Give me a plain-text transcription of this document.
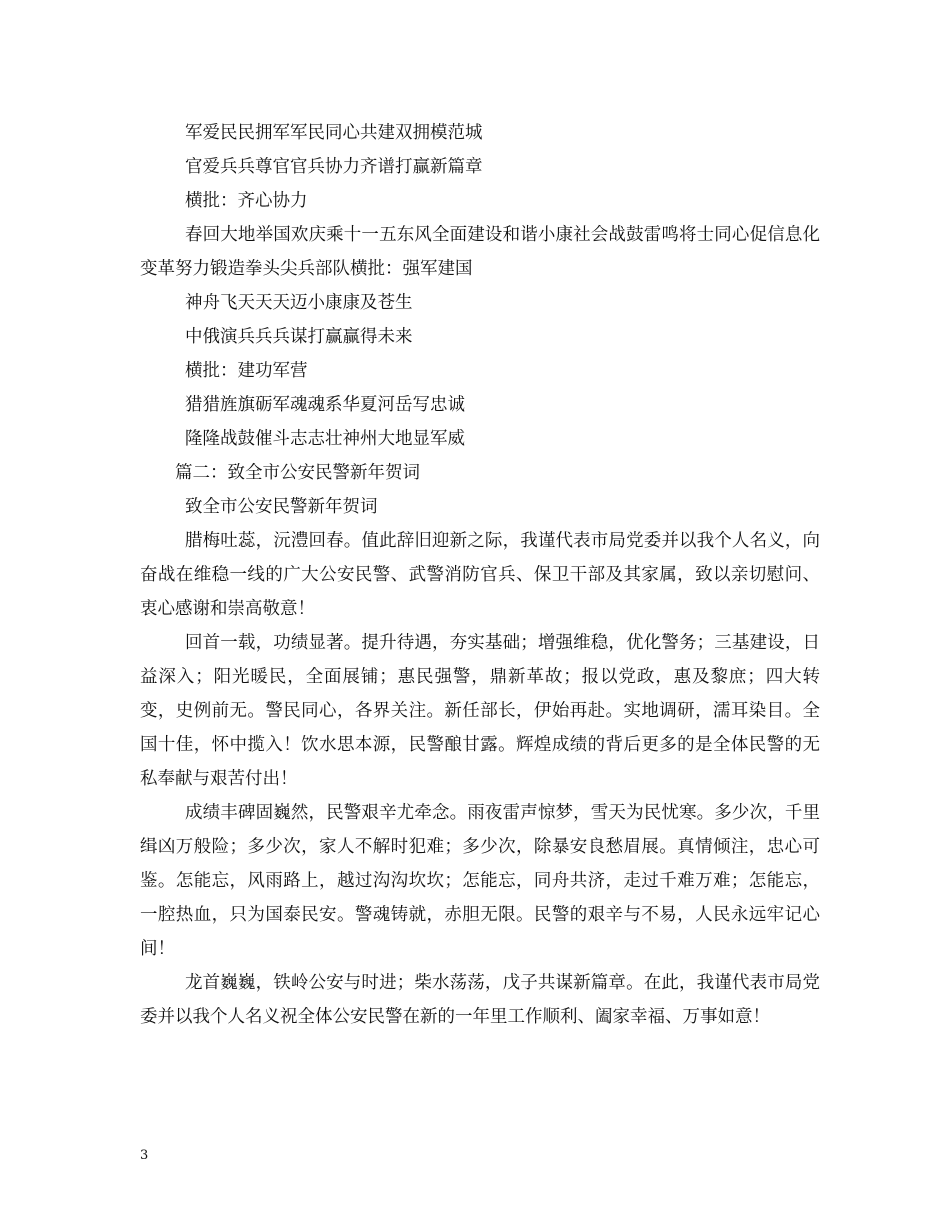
军爱民民拥军军民同心共建双拥模范城

官爱兵兵尊官官兵协力齐谱打赢新篇章

横批：齐心协力

春回大地举国欢庆乘十一五东风全面建设和谐小康社会战鼓雷鸣将士同心促信息化变革努力锻造拳头尖兵部队横批：强军建国

神舟飞天天天迈小康康及苍生

中俄演兵兵兵谋打赢赢得未来

横批：建功军营

猎猎旌旗砺军魂魂系华夏河岳写忠诚

隆隆战鼓催斗志志壮神州大地显军威

篇二：致全市公安民警新年贺词

致全市公安民警新年贺词

腊梅吐蕊，沅澧回春。值此辞旧迎新之际，我谨代表市局党委并以我个人名义，向奋战在维稳一线的广大公安民警、武警消防官兵、保卫干部及其家属，致以亲切慰问、衷心感谢和崇高敬意！

回首一载，功绩显著。提升待遇，夯实基础；增强维稳，优化警务；三基建设，日益深入；阳光暖民，全面展铺；惠民强警，鼎新革故；报以党政，惠及黎庶；四大转变，史例前无。警民同心，各界关注。新任部长，伊始再赴。实地调研，濡耳染目。全国十佳，怀中揽入！饮水思本源，民警酿甘露。辉煌成绩的背后更多的是全体民警的无私奉献与艰苦付出！

成绩丰碑固巍然，民警艰辛尤牵念。雨夜雷声惊梦，雪天为民忧寒。多少次，千里缉凶万般险；多少次，家人不解时犯难；多少次，除暴安良愁眉展。真情倾注，忠心可鉴。怎能忘，风雨路上，越过沟沟坎坎；怎能忘，同舟共济，走过千难万难；怎能忘，一腔热血，只为国泰民安。警魂铸就，赤胆无限。民警的艰辛与不易，人民永远牢记心间！

龙首巍巍，铁岭公安与时进；柴水荡荡，戊子共谋新篇章。在此，我谨代表市局党委并以我个人名义祝全体公安民警在新的一年里工作顺利、阖家幸福、万事如意！

3
